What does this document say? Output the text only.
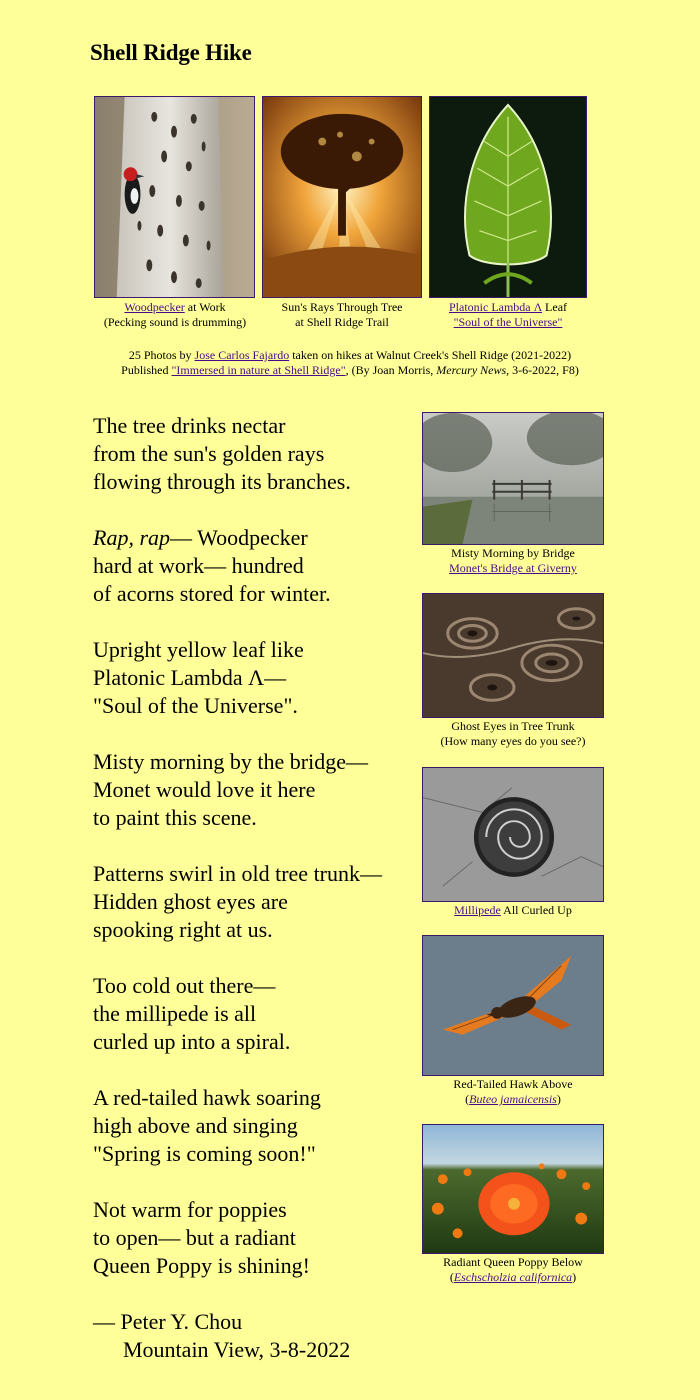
Shell Ridge Hike
Woodpecker at Work
(Pecking sound is drumming)
Sun's Rays Through Tree
at Shell Ridge Trail
Platonic Lambda Λ Leaf
"Soul of the Universe"
25 Photos by Jose Carlos Fajardo taken on hikes at Walnut Creek's Shell Ridge (2021-2022)
Published "Immersed in nature at Shell Ridge", (By Joan Morris, Mercury News, 3-6-2022, F8)
The tree drinks nectar
from the sun's golden rays
flowing through its branches.
Rap, rap— Woodpecker
hard at work— hundred
of acorns stored for winter.
Upright yellow leaf like
Platonic Lambda Λ—
"Soul of the Universe".
Misty morning by the bridge—
Monet would love it here
to paint this scene.
Patterns swirl in old tree trunk—
Hidden ghost eyes are
spooking right at us.
Too cold out there—
the millipede is all
curled up into a spiral.
A red-tailed hawk soaring
high above and singing
"Spring is coming soon!"
Not warm for poppies
to open— but a radiant
Queen Poppy is shining!
— Peter Y. Chou
Mountain View, 3-8-2022
Misty Morning by Bridge
Monet's Bridge at Giverny
Ghost Eyes in Tree Trunk
(How many eyes do you see?)
Millipede All Curled Up
Red-Tailed Hawk Above
(Buteo jamaicensis)
Radiant Queen Poppy Below
(Eschscholzia californica)
